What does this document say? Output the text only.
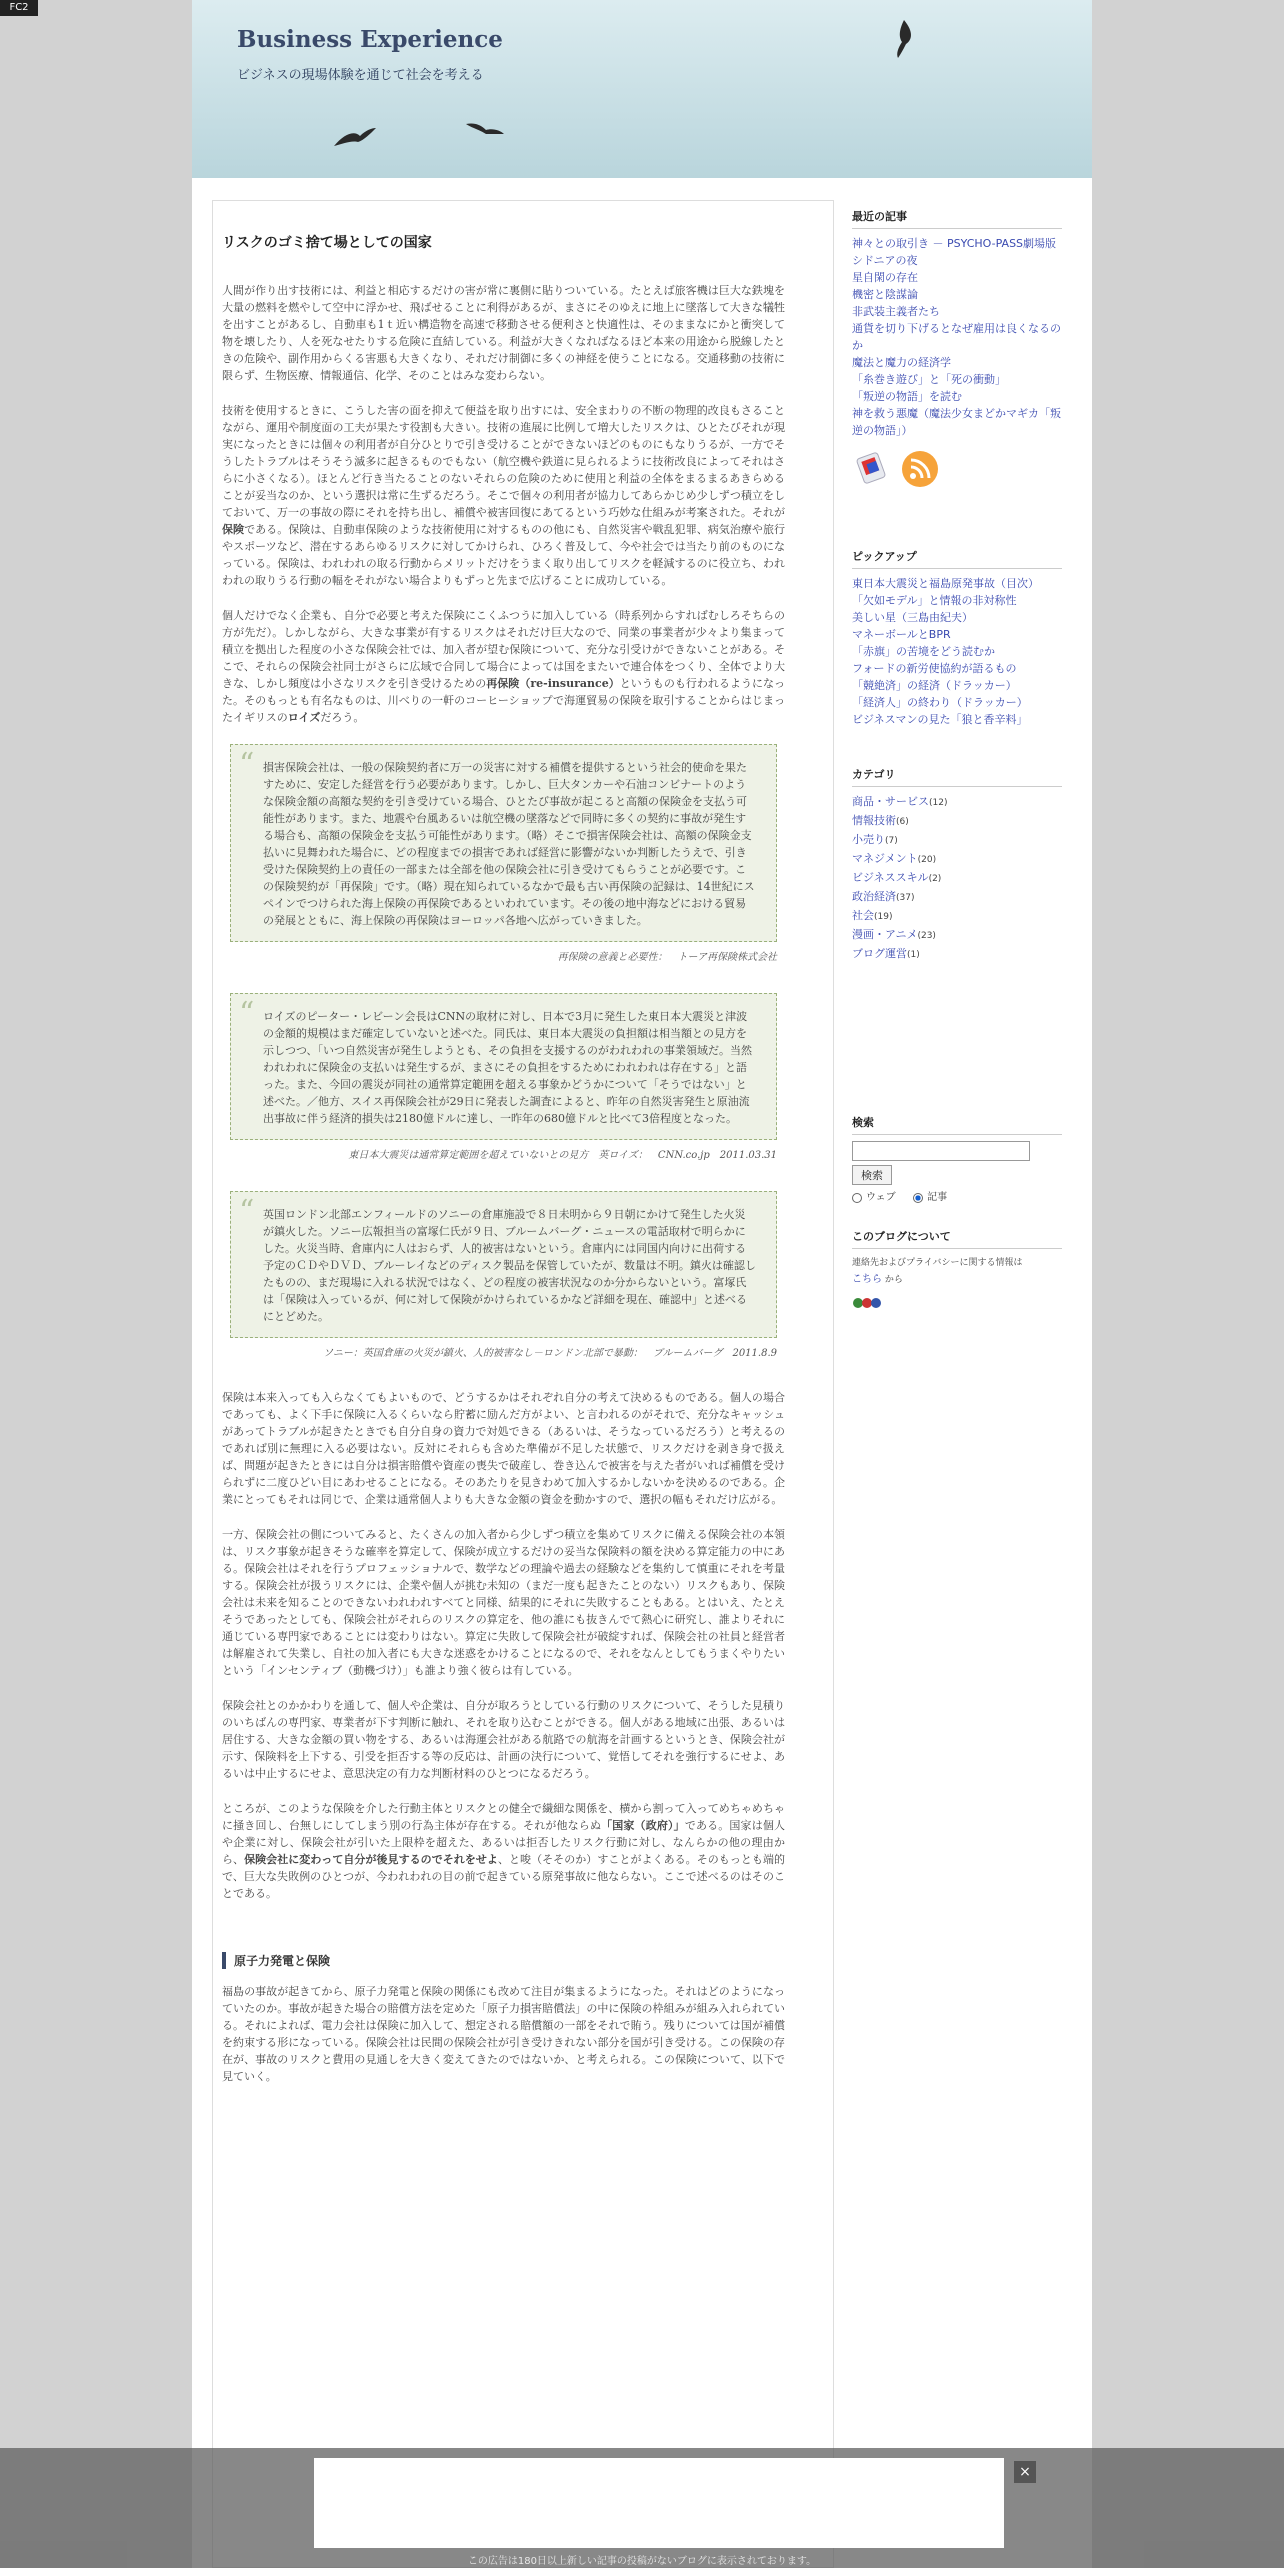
FC2
Business Experience
ビジネスの現場体験を通じて社会を考える
リスクのゴミ捨て場としての国家

人間が作り出す技術には、利益と相応するだけの害が常に裏側に貼りついている。たとえば旅客機は巨大な鉄塊を大量の燃料を燃やして空中に浮かせ、飛ばせることに利得があるが、まさにそのゆえに地上に墜落して大きな犠牲を出すことがあるし、自動車も1ｔ近い構造物を高速で移動させる便利さと快適性は、そのままなにかと衝突して物を壊したり、人を死なせたりする危険に直結している。利益が大きくなればなるほど本来の用途から脱線したときの危険や、副作用からくる害悪も大きくなり、それだけ制御に多くの神経を使うことになる。交通移動の技術に限らず、生物医療、情報通信、化学、そのことはみな変わらない。

技術を使用するときに、こうした害の面を抑えて便益を取り出すには、安全まわりの不断の物理的改良もさることながら、運用や制度面の工夫が果たす役割も大きい。技術の進展に比例して増大したリスクは、ひとたびそれが現実になったときには個々の利用者が自分ひとりで引き受けることができないほどのものにもなりうるが、一方でそうしたトラブルはそうそう滅多に起きるものでもない（航空機や鉄道に見られるように技術改良によってそれはさらに小さくなる）。ほとんど行き当たることのないそれらの危険のために使用と利益の全体をまるまるあきらめることが妥当なのか、という選択は常に生ずるだろう。そこで個々の利用者が協力してあらかじめ少しずつ積立をしておいて、万一の事故の際にそれを持ち出し、補償や被害回復にあてるという巧妙な仕組みが考案された。それが保険である。保険は、自動車保険のような技術使用に対するものの他にも、自然災害や戦乱犯罪、病気治療や旅行やスポーツなど、潜在するあらゆるリスクに対してかけられ、ひろく普及して、今や社会では当たり前のものになっている。保険は、われわれの取る行動からメリットだけをうまく取り出してリスクを軽減するのに役立ち、われわれの取りうる行動の幅をそれがない場合よりもずっと先まで広げることに成功している。

個人だけでなく企業も、自分で必要と考えた保険にこくふつうに加入している（時系列からすればむしろそちらの方が先だ）。しかしながら、大きな事業が有するリスクはそれだけ巨大なので、同業の事業者が少々より集まって積立を拠出した程度の小さな保険会社では、加入者が望む保険について、充分な引受けができないことがある。そこで、それらの保険会社同士がさらに広域で合同して場合によっては国をまたいで連合体をつくり、全体でより大きな、しかし頻度は小さなリスクを引き受けるための再保険（re-insurance）というものも行われるようになった。そのもっとも有名なものは、川べりの一軒のコーヒーショップで海運貿易の保険を取引することからはじまったイギリスのロイズだろう。

“ 損害保険会社は、一般の保険契約者に万一の災害に対する補償を提供するという社会的使命を果たすために、安定した経営を行う必要があります。しかし、巨大タンカーや石油コンビナートのような保険金額の高額な契約を引き受けている場合、ひとたび事故が起こると高額の保険金を支払う可能性があります。また、地震や台風あるいは航空機の墜落などで同時に多くの契約に事故が発生する場合も、高額の保険金を支払う可能性があります。（略）そこで損害保険会社は、高額の保険金支払いに見舞われた場合に、どの程度までの損害であれば経営に影響がないか判断したうえで、引き受けた保険契約上の責任の一部または全部を他の保険会社に引き受けてもらうことが必要です。この保険契約が「再保険」です。（略）現在知られているなかで最も古い再保険の記録は、14世紀にスペインでつけられた海上保険の再保険であるといわれています。その後の地中海などにおける貿易の発展とともに、海上保険の再保険はヨーロッパ各地へ広がっていきました。
再保険の意義と必要性：　トーア再保険株式会社
“ ロイズのピーター・レビーン会長はCNNの取材に対し、日本で3月に発生した東日本大震災と津波の金額的規模はまだ確定していないと述べた。同氏は、東日本大震災の負担額は相当額との見方を示しつつ、「いつ自然災害が発生しようとも、その負担を支援するのがわれわれの事業領域だ。当然われわれに保険金の支払いは発生するが、まさにその負担をするためにわれわれは存在する」と語った。また、今回の震災が同社の通常算定範囲を超える事象かどうかについて「そうではない」と述べた。／他方、スイス再保険会社が29日に発表した調査によると、昨年の自然災害発生と原油流出事故に伴う経済的損失は2180億ドルに達し、一昨年の680億ドルと比べて3倍程度となった。
東日本大震災は通常算定範囲を超えていないとの見方　英ロイズ：　CNN.co.jp　2011.03.31
“ 英国ロンドン北部エンフィールドのソニーの倉庫施設で８日未明から９日朝にかけて発生した火災が鎮火した。ソニー広報担当の富塚仁氏が９日、ブルームバーグ・ニュースの電話取材で明らかにした。火災当時、倉庫内に人はおらず、人的被害はないという。倉庫内には同国内向けに出荷する予定のＣＤやＤＶＤ、ブルーレイなどのディスク製品を保管していたが、数量は不明。鎮火は確認したものの、まだ現場に入れる状況ではなく、どの程度の被害状況なのか分からないという。富塚氏は「保険は入っているが、何に対して保険がかけられているかなど詳細を現在、確認中」と述べるにとどめた。
ソニー：英国倉庫の火災が鎮火、人的被害なし－ロンドン北部で暴動：　ブルームバーグ　2011.8.9

保険は本来入っても入らなくてもよいもので、どうするかはそれぞれ自分の考えて決めるものである。個人の場合であっても、よく下手に保険に入るくらいなら貯蓄に励んだ方がよい、と言われるのがそれで、充分なキャッシュがあってトラブルが起きたときでも自分自身の資力で対処できる（あるいは、そうなっているだろう）と考えるのであれば別に無理に入る必要はない。反対にそれらも含めた準備が不足した状態で、リスクだけを剥き身で扱えば、問題が起きたときには自分は損害賠償や資産の喪失で破産し、巻き込んで被害を与えた者がいれば補償を受けられずに二度ひどい目にあわせることになる。そのあたりを見きわめて加入するかしないかを決めるのである。企業にとってもそれは同じで、企業は通常個人よりも大きな金額の資金を動かすので、選択の幅もそれだけ広がる。

一方、保険会社の側についてみると、たくさんの加入者から少しずつ積立を集めてリスクに備える保険会社の本領は、リスク事象が起きそうな確率を算定して、保険が成立するだけの妥当な保険料の額を決める算定能力の中にある。保険会社はそれを行うプロフェッショナルで、数学などの理論や過去の経験などを集約して慎重にそれを考量する。保険会社が扱うリスクには、企業や個人が挑む未知の（まだ一度も起きたことのない）リスクもあり、保険会社は未来を知ることのできないわれわれすべてと同様、結果的にそれに失敗することもある。とはいえ、たとえそうであったとしても、保険会社がそれらのリスクの算定を、他の誰にも抜きんでて熱心に研究し、誰よりそれに通じている専門家であることには変わりはない。算定に失敗して保険会社が破綻すれば、保険会社の社員と経営者は解雇されて失業し、自社の加入者にも大きな迷惑をかけることになるので、それをなんとしてもうまくやりたいという「インセンティブ（動機づけ）」も誰より強く彼らは有している。

保険会社とのかかわりを通して、個人や企業は、自分が取ろうとしている行動のリスクについて、そうした見積りのいちばんの専門家、専業者が下す判断に触れ、それを取り込むことができる。個人がある地域に出張、あるいは居住する、大きな金額の買い物をする、あるいは海運会社がある航路での航海を計画するというとき、保険会社が示す、保険料を上下する、引受を拒否する等の反応は、計画の決行について、覚悟してそれを強行するにせよ、あるいは中止するにせよ、意思決定の有力な判断材料のひとつになるだろう。

ところが、このような保険を介した行動主体とリスクとの健全で繊細な関係を、横から割って入ってめちゃめちゃに掻き回し、台無しにしてしまう別の行為主体が存在する。それが他ならぬ「国家（政府）」である。国家は個人や企業に対し、保険会社が引いた上限枠を超えた、あるいは拒否したリスク行動に対し、なんらかの他の理由から、保険会社に変わって自分が後見するのでそれをせよ、と唆（そそのか）すことがよくある。そのもっとも端的で、巨大な失敗例のひとつが、今われわれの目の前で起きている原発事故に他ならない。ここで述べるのはそのことである。

原子力発電と保険

福島の事故が起きてから、原子力発電と保険の関係にも改めて注目が集まるようになった。それはどのようになっていたのか。事故が起きた場合の賠償方法を定めた「原子力損害賠償法」の中に保険の枠組みが組み入れられている。それによれば、電力会社は保険に加入して、想定される賠償額の一部をそれで賄う。残りについては国が補償を約束する形になっている。保険会社は民間の保険会社が引き受けきれない部分を国が引き受ける。この保険の存在が、事故のリスクと費用の見通しを大きく変えてきたのではないか、と考えられる。この保険について、以下で見ていく。

最近の記事
神々との取引き － PSYCHO-PASS劇場版
シドニアの夜
星自閑の存在
機密と陰謀論
非武装主義者たち
通貨を切り下げるとなぜ雇用は良くなるのか
魔法と魔力の経済学
「糸巻き遊び」と「死の衝動」
「叛逆の物語」を読む
神を救う悪魔（魔法少女まどかマギカ「叛逆の物語」）
ピックアップ
東日本大震災と福島原発事故（目次）
「欠如モデル」と情報の非対称性
美しい星（三島由紀夫）
マネーボールとBPR
「赤旗」の苦境をどう読むか
フォードの新労使協約が語るもの
「競絶済」の経済（ドラッカー）
「経済人」の終わり（ドラッカー）
ビジネスマンの見た「狼と香辛料」
カテゴリ
商品・サービス(12)
情報技術(6)
小売り(7)
マネジメント(20)
ビジネススキル(2)
政治経済(37)
社会(19)
漫画・アニメ(23)
ブログ運営(1)
検索
検索
ウェブ
	記事
このブログについて
連絡先およびプライバシーに関する情報は
こちら から
×
この広告は180日以上新しい記事の投稿がないブログに表示されております。
